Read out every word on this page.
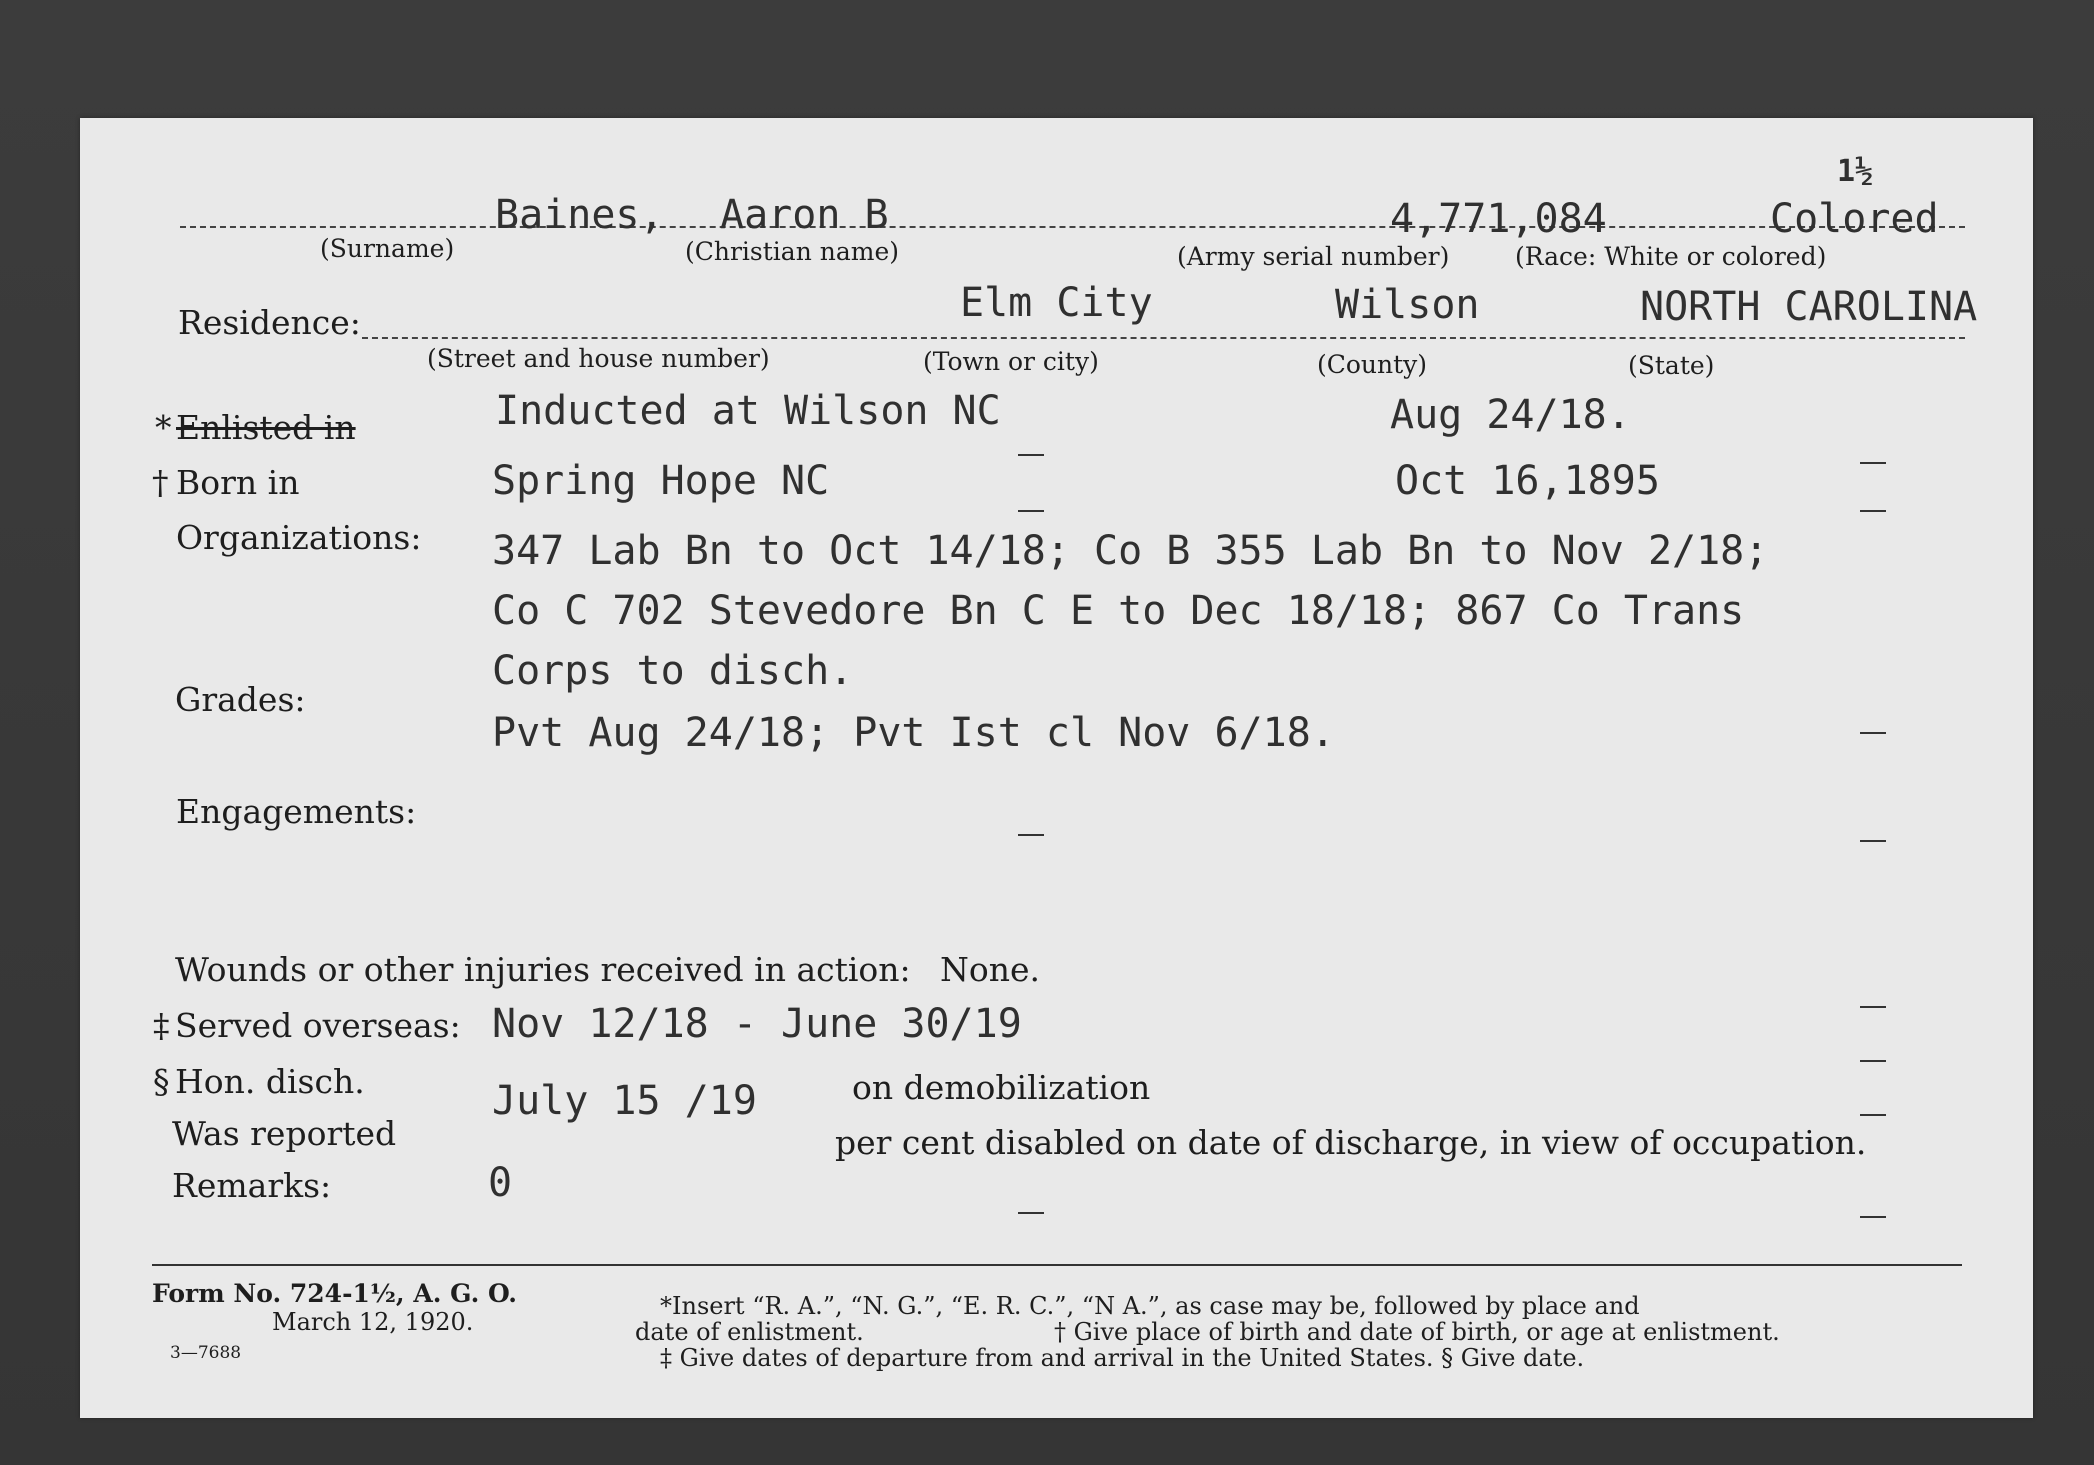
1½
Baines, Aaron B	4,771,084	Colored
(Surname)	(Christian name)	(Army serial number)	(Race: White or colored)
Residence:	Elm City	Wilson	NORTH CAROLINA
(Street and house number)	(Town or city)	(County)	(State)
* Enlisted in	Inducted at Wilson NC	Aug 24/18.
† Born in	Spring Hope NC	Oct 16,1895
Organizations: 347 Lab Bn to Oct 14/18; Co B 355 Lab Bn to Nov 2/18;
Co C 702 Stevedore Bn C E to Dec 18/18; 867 Co Trans
Corps to disch.
Grades:
Pvt Aug 24/18; Pvt Ist cl Nov 6/18.
Engagements:
Wounds or other injuries received in action: None.
‡ Served overseas: Nov 12/18 - June 30/19
§ Hon. disch.	July 15 /19	on demobilization
Was reported	per cent disabled on date of discharge, in view of occupation.
Remarks:	0
Form No. 724-1½, A. G. O.
March 12, 1920.
3—7688
*Insert “R. A.”, “N. G.”, “E. R. C.”, “N A.”, as case may be, followed by place and
date of enlistment.	† Give place of birth and date of birth, or age at enlistment.
‡ Give dates of departure from and arrival in the United States. § Give date.
